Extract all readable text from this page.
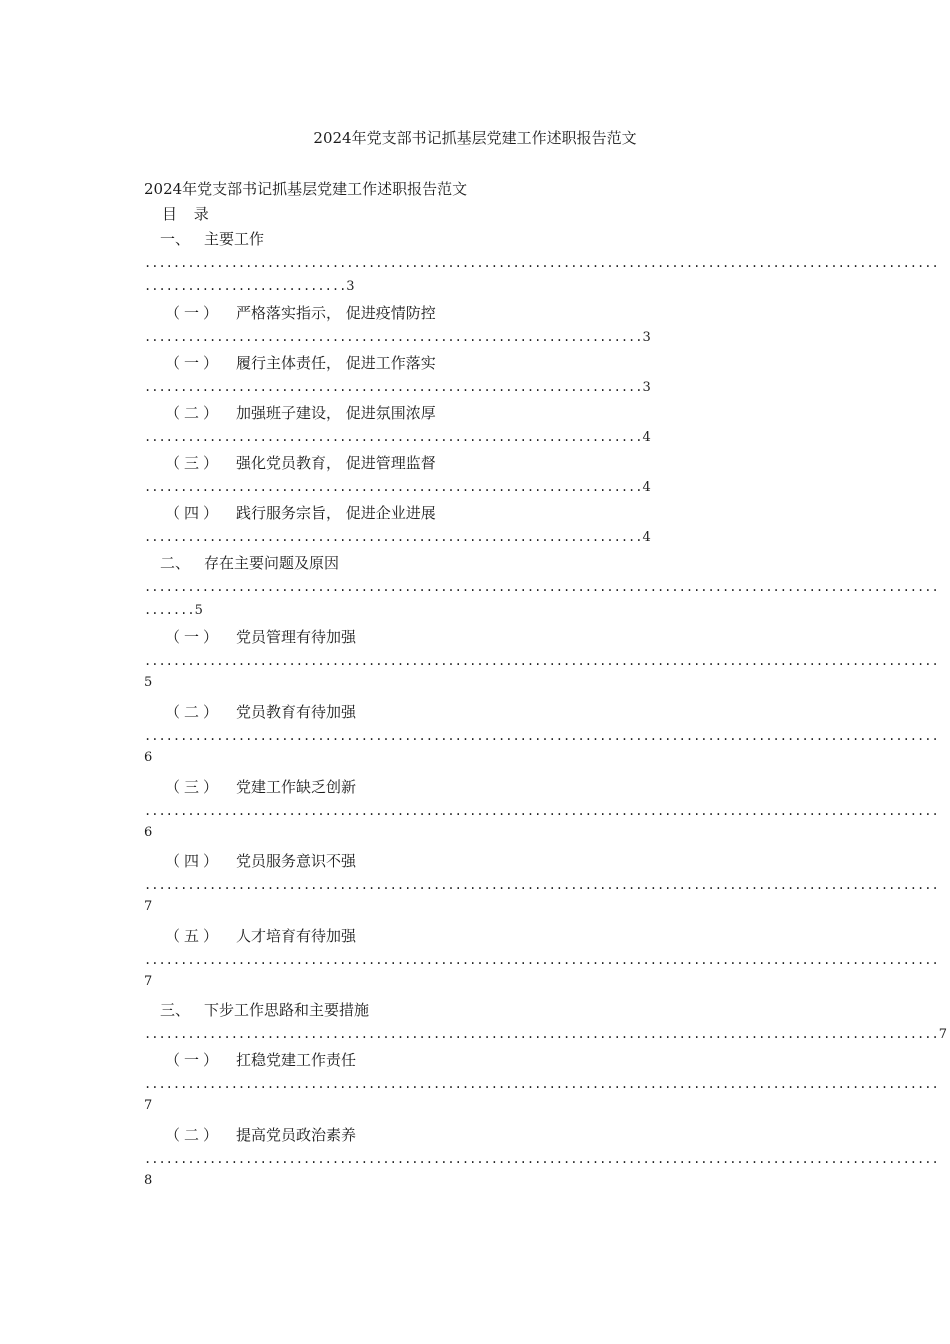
2024年党支部书记抓基层党建工作述职报告范文
2024年党支部书记抓基层党建工作述职报告范文
目 录
一、 主要工作
..............................................................................................................
............................3
（一） 严格落实指示， 促进疫情防控
.....................................................................3
（一） 履行主体责任， 促进工作落实
.....................................................................3
（二） 加强班子建设， 促进氛围浓厚
.....................................................................4
（三） 强化党员教育， 促进管理监督
.....................................................................4
（四） 践行服务宗旨， 促进企业进展
.....................................................................4
二、 存在主要问题及原因
..............................................................................................................
.......5
（一） 党员管理有待加强
..............................................................................................................
5
（二） 党员教育有待加强
..............................................................................................................
6
（三） 党建工作缺乏创新
..............................................................................................................
6
（四） 党员服务意识不强
..............................................................................................................
7
（五） 人才培育有待加强
..............................................................................................................
7
三、 下步工作思路和主要措施
..............................................................................................................7
（一） 扛稳党建工作责任
..............................................................................................................
7
（二） 提高党员政治素养
..............................................................................................................
8
